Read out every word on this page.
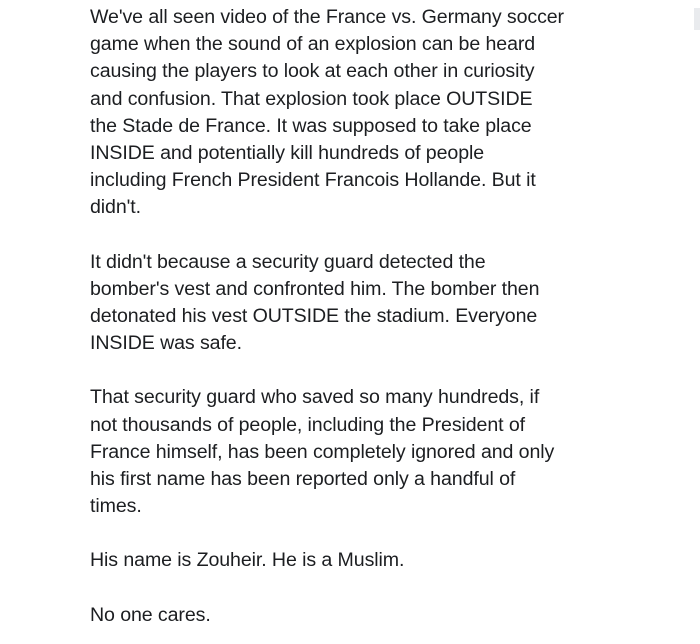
We've all seen video of the France vs. Germany soccer
game when the sound of an explosion can be heard
causing the players to look at each other in curiosity
and confusion. That explosion took place OUTSIDE
the Stade de France. It was supposed to take place
INSIDE and potentially kill hundreds of people
including French President Francois Hollande. But it
didn't.

It didn't because a security guard detected the
bomber's vest and confronted him. The bomber then
detonated his vest OUTSIDE the stadium. Everyone
INSIDE was safe.

That security guard who saved so many hundreds, if
not thousands of people, including the President of
France himself, has been completely ignored and only
his first name has been reported only a handful of
times.

His name is Zouheir. He is a Muslim.

No one cares.
